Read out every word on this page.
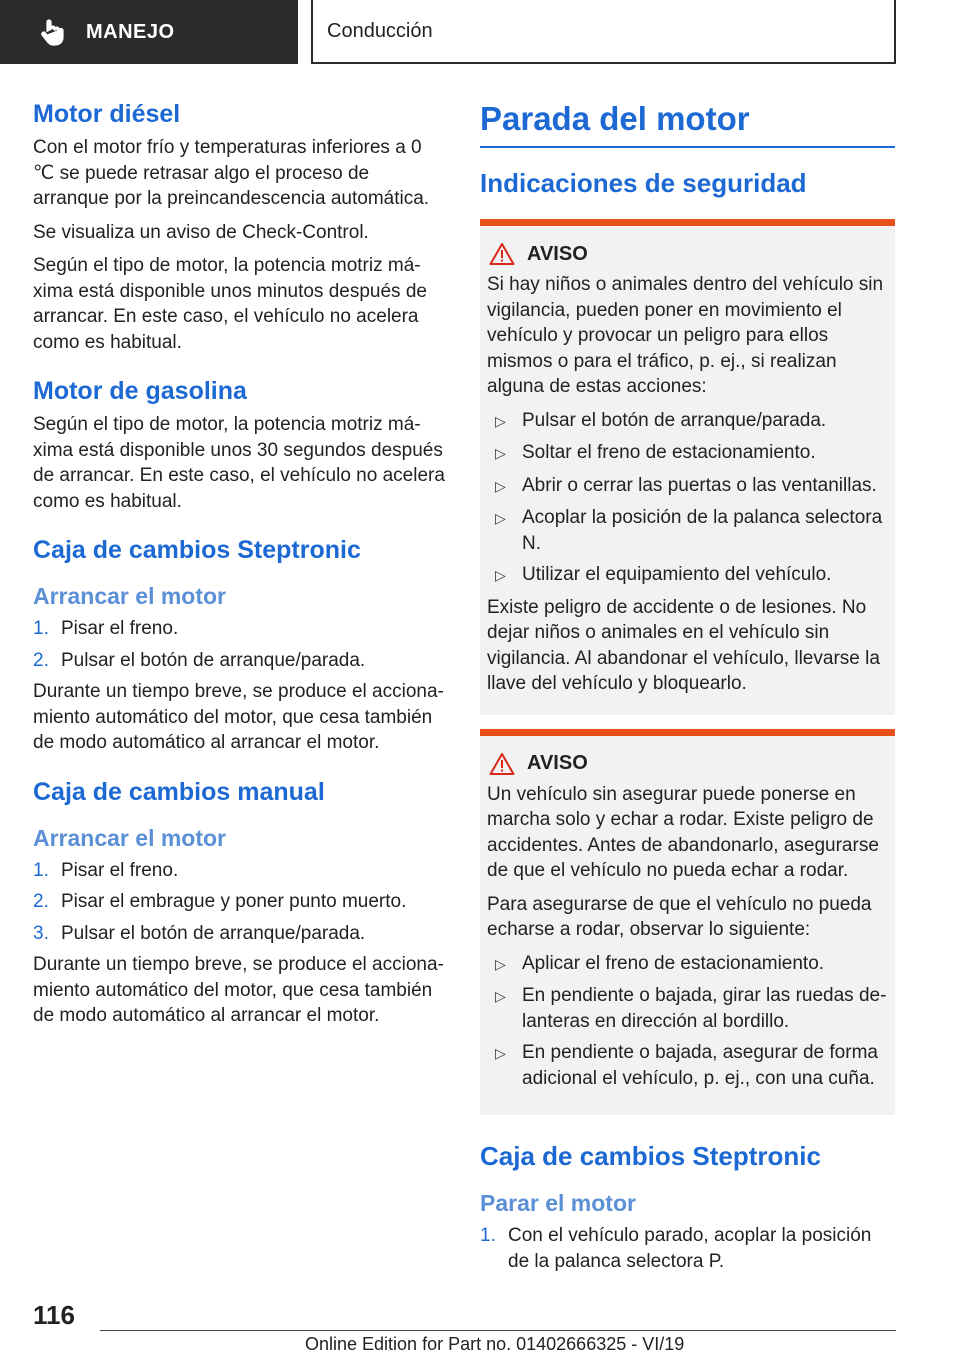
MANEJO	Conducción
Motor diésel

Con el motor frío y temperaturas inferiores a 0 ℃ se puede retrasar algo el proceso de arranque por la preincandescencia automática.

Se visualiza un aviso de Check-Control.

Según el tipo de motor, la potencia motriz máxima está disponible unos minutos después de arrancar. En este caso, el vehículo no acelera como es habitual.

Motor de gasolina

Según el tipo de motor, la potencia motriz máxima está disponible unos 30 segundos después de arrancar. En este caso, el vehículo no acelera como es habitual.

Caja de cambios Steptronic
Arrancar el motor
1. Pisar el freno.
2. Pulsar el botón de arranque/parada.

Durante un tiempo breve, se produce el accionamiento automático del motor, que cesa también de modo automático al arrancar el motor.

Caja de cambios manual
Arrancar el motor
1. Pisar el freno.
2. Pisar el embrague y poner punto muerto.
3. Pulsar el botón de arranque/parada.

Durante un tiempo breve, se produce el accionamiento automático del motor, que cesa también de modo automático al arrancar el motor.

Parada del motor
Indicaciones de seguridad
AVISO

Si hay niños o animales dentro del vehículo sin vigilancia, pueden poner en movimiento el vehículo y provocar un peligro para ellos mismos o para el tráfico, p. ej., si realizan alguna de estas acciones:

▷ Pulsar el botón de arranque/parada.
▷ Soltar el freno de estacionamiento.
▷ Abrir o cerrar las puertas o las ventanillas.
▷ Acoplar la posición de la palanca selectora N.
▷ Utilizar el equipamiento del vehículo.

Existe peligro de accidente o de lesiones. No dejar niños o animales en el vehículo sin vigilancia. Al abandonar el vehículo, llevarse la llave del vehículo y bloquearlo.

AVISO

Un vehículo sin asegurar puede ponerse en marcha solo y echar a rodar. Existe peligro de accidentes. Antes de abandonarlo, asegurarse de que el vehículo no pueda echar a rodar.

Para asegurarse de que el vehículo no pueda echarse a rodar, observar lo siguiente:

▷ Aplicar el freno de estacionamiento.
▷ En pendiente o bajada, girar las ruedas delanteras en dirección al bordillo.
▷ En pendiente o bajada, asegurar de forma adicional el vehículo, p. ej., con una cuña.
Caja de cambios Steptronic
Parar el motor
1. Con el vehículo parado, acoplar la posición de la palanca selectora P.
116
Online Edition for Part no. 01402666325 - VI/19
